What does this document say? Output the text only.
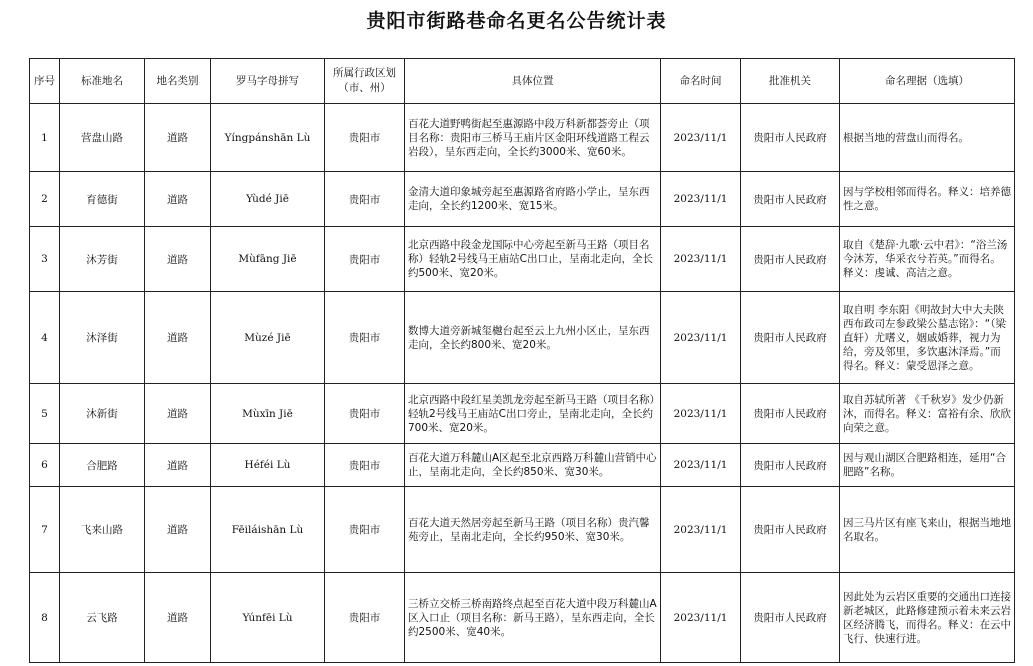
贵阳市街路巷命名更名公告统计表
序号	标准地名	地名类别	罗马字母拼写	所属行政区划（市、州）	具体位置	命名时间	批准机关	命名理据（选填）
1	营盘山路	道路	Yíngpánshān Lù	贵阳市	百花大道野鸭街起至惠源路中段万科新都荟旁止（项目名称：贵阳市三桥马王庙片区金阳环线道路工程云岩段），呈东西走向，全长约3000米、宽60米。	2023/11/1	贵阳市人民政府	根据当地的营盘山而得名。
2	育德街	道路	Yùdé Jiē	贵阳市	金清大道印象城旁起至惠源路省府路小学止，呈东西走向，全长约1200米、宽15米。	2023/11/1	贵阳市人民政府	因与学校相邻而得名。释义：培养德性之意。
3	沐芳街	道路	Mùfāng Jiē	贵阳市	北京西路中段金龙国际中心旁起至新马王路（项目名称）轻轨2号线马王庙站C出口止，呈南北走向，全长约500米、宽20米。	2023/11/1	贵阳市人民政府	取自《楚辞·九歌·云中君》：“浴兰汤今沐芳，华采衣兮若英。”而得名。释义：虔诚、高洁之意。
4	沐泽街	道路	Mùzé Jiē	贵阳市	数博大道旁新城玺樾台起至云上九州小区止，呈东西走向，全长约800米、宽20米。	2023/11/1	贵阳市人民政府	取自明 李东阳《明故封大中大夫陕西布政司左参政梁公墓志铭》：“（梁直轩）尤嗜义，姻戚婚葬，视力为给，旁及邻里，多饮惠沐泽焉。”而得名。释义：蒙受恩泽之意。
5	沐新街	道路	Mùxīn Jiē	贵阳市	北京西路中段红星美凯龙旁起至新马王路（项目名称）轻轨2号线马王庙站C出口旁止，呈南北走向，全长约700米、宽20米。	2023/11/1	贵阳市人民政府	取自苏轼所著 《千秋岁》发少仍新沐，而得名。释义：富裕有余、欣欣向荣之意。
6	合肥路	道路	Héféi Lù	贵阳市	百花大道万科麓山A区起至北京西路万科麓山营销中心止，呈南北走向，全长约850米、宽30米。	2023/11/1	贵阳市人民政府	因与观山湖区合肥路相连，延用“合肥路”名称。
7	飞来山路	道路	Fēiláishān Lù	贵阳市	百花大道天然居旁起至新马王路（项目名称）贵汽馨苑旁止，呈南北走向，全长约950米、宽30米。	2023/11/1	贵阳市人民政府	因三马片区有座飞来山，根据当地地名取名。
8	云飞路	道路	Yúnfēi Lù	贵阳市	三桥立交桥三桥南路终点起至百花大道中段万科麓山A区入口止（项目名称：新马王路），呈东西走向，全长约2500米、宽40米。	2023/11/1	贵阳市人民政府	因此处为云岩区重要的交通出口连接新老城区，此路修建预示着未来云岩区经济腾飞，而得名。释义：在云中飞行、快速行进。
